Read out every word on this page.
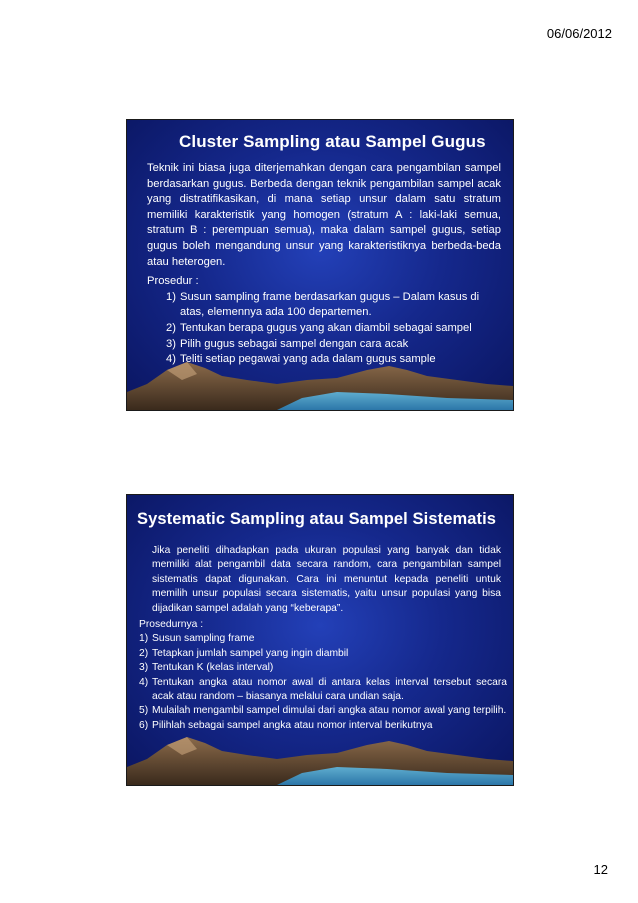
06/06/2012
Cluster Sampling atau Sampel Gugus
Teknik ini biasa juga diterjemahkan dengan cara pengambilan sampel berdasarkan gugus. Berbeda dengan teknik pengambilan sampel acak yang distratifikasikan, di mana setiap unsur dalam satu stratum memiliki karakteristik yang homogen (stratum A : laki-laki semua, stratum B : perempuan semua), maka dalam sampel gugus, setiap gugus boleh mengandung unsur yang karakteristiknya berbeda-beda atau heterogen.
Prosedur :
1) Susun sampling frame berdasarkan gugus – Dalam kasus di atas, elemennya ada 100 departemen.
2) Tentukan berapa gugus yang akan diambil sebagai sampel
3) Pilih gugus sebagai sampel dengan cara acak
4) Teliti setiap pegawai yang ada dalam gugus sample
Systematic Sampling atau Sampel Sistematis
Jika peneliti dihadapkan pada ukuran populasi yang banyak dan tidak memiliki alat pengambil data secara random, cara pengambilan sampel sistematis dapat digunakan. Cara ini menuntut kepada peneliti untuk memilih unsur populasi secara sistematis, yaitu unsur populasi yang bisa dijadikan sampel adalah yang “keberapa”.
Prosedurnya :
1) Susun sampling frame
2) Tetapkan jumlah sampel yang ingin diambil
3) Tentukan K (kelas interval)
4) Tentukan angka atau nomor awal di antara kelas interval tersebut secara acak atau random – biasanya melalui cara undian saja.
5) Mulailah mengambil sampel dimulai dari angka atau nomor awal yang terpilih.
6) Pilihlah sebagai sampel angka atau nomor interval berikutnya
12
